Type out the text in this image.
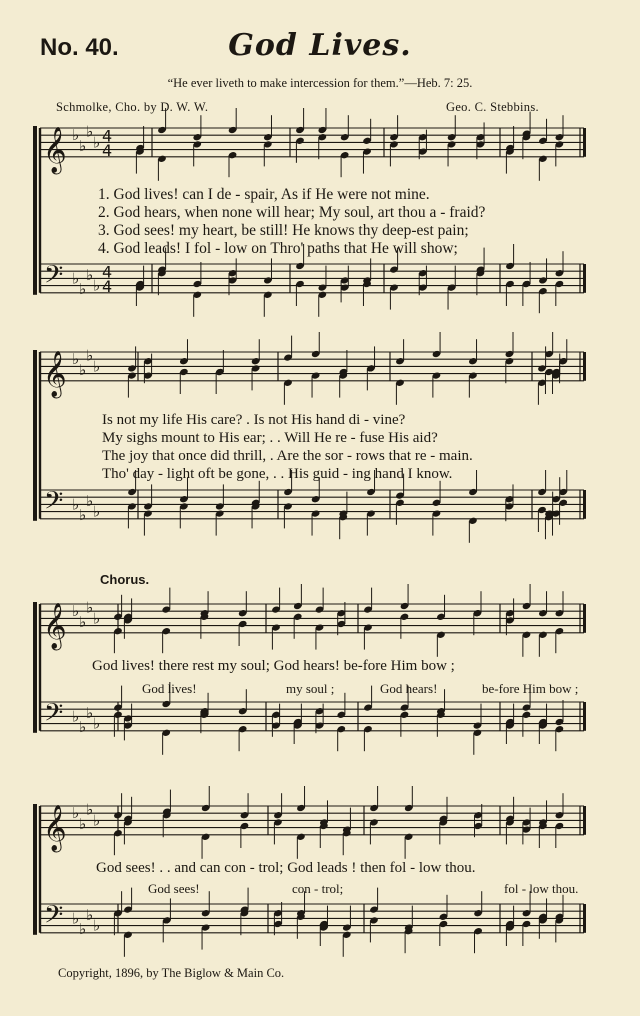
No. 40.	God Lives.
“He ever liveth to make intercession for them.”—Heb. 7: 25.
Schmolke, Cho. by D. W. W.	Geo. C. Stebbins.
𝄞
𝄢
♭
♭
♭
♭
♭
♭
♭
♭
4
4
4
4
𝄞
𝄢
♭
♭
♭
♭
♭
♭
♭
♭
𝄞
𝄢
♭
♭
♭
♭
♭
♭
♭
♭
𝄞
𝄢
♭
♭
♭
♭
♭
♭
♭
♭
1. God lives! can I de - spair, As if He were not mine.
2. God hears, when none will hear; My soul, art thou a - fraid?
3. God sees! my heart, be still! He knows thy deep-est pain;
4. God leads! I fol - low on Thro' paths that He will show;
Is not my life His care? . Is not His hand di - vine?
My sighs mount to His ear; . . Will He re - fuse His aid?
The joy that once did thrill, . Are the sor - rows that re - main.
Tho' day - light oft be gone, . . His guid - ing hand I know.
Chorus.
God lives! there rest my soul; God hears! be-fore Him bow ;
God lives!	my soul ;	God hears!	be-fore Him bow ;
God sees! . . and can con - trol; God leads ! then fol - low thou.
God sees!	con - trol;	fol - low thou.
Copyright, 1896, by The Biglow & Main Co.
